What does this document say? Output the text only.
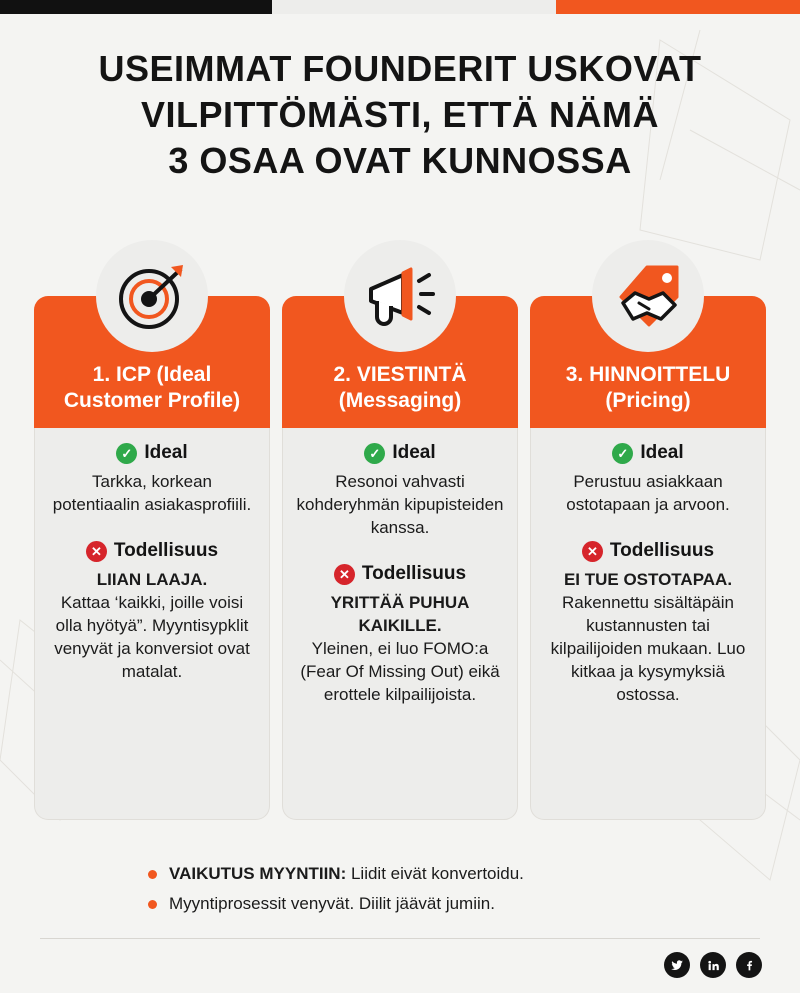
USEIMMAT FOUNDERIT USKOVAT
VILPITTÖMÄSTI, ETTÄ NÄMÄ
3 OSAA OVAT KUNNOSSA
1. ICP (Ideal Customer Profile)
✓ Ideal
Tarkka, korkean potentiaalin asiakasprofiili.
✕ Todellisuus
LIIAN LAAJA.
Kattaa ‘kaikki, joille voisi olla hyötyä”. Myyntisypklit venyvät ja konversiot ovat matalat.
2. VIESTINTÄ (Messaging)
✓ Ideal
Resonoi vahvasti kohderyhmän kipupisteiden kanssa.
✕ Todellisuus
YRITTÄÄ PUHUA KAIKILLE.
Yleinen, ei luo FOMO:a (Fear Of Missing Out) eikä erottele kilpailijoista.
3. HINNOITTELU (Pricing)
✓ Ideal
Perustuu asiakkaan ostotapaan ja arvoon.
✕ Todellisuus
EI TUE OSTOTAPAA.
Rakennettu sisältäpäin kustannusten tai kilpailijoiden mukaan. Luo kitkaa ja kysymyksiä ostossa.
VAIKUTUS MYYNTIIN: Liidit eivät konvertoidu.
Myyntiprosessit venyvät. Diilit jäävät jumiin.
